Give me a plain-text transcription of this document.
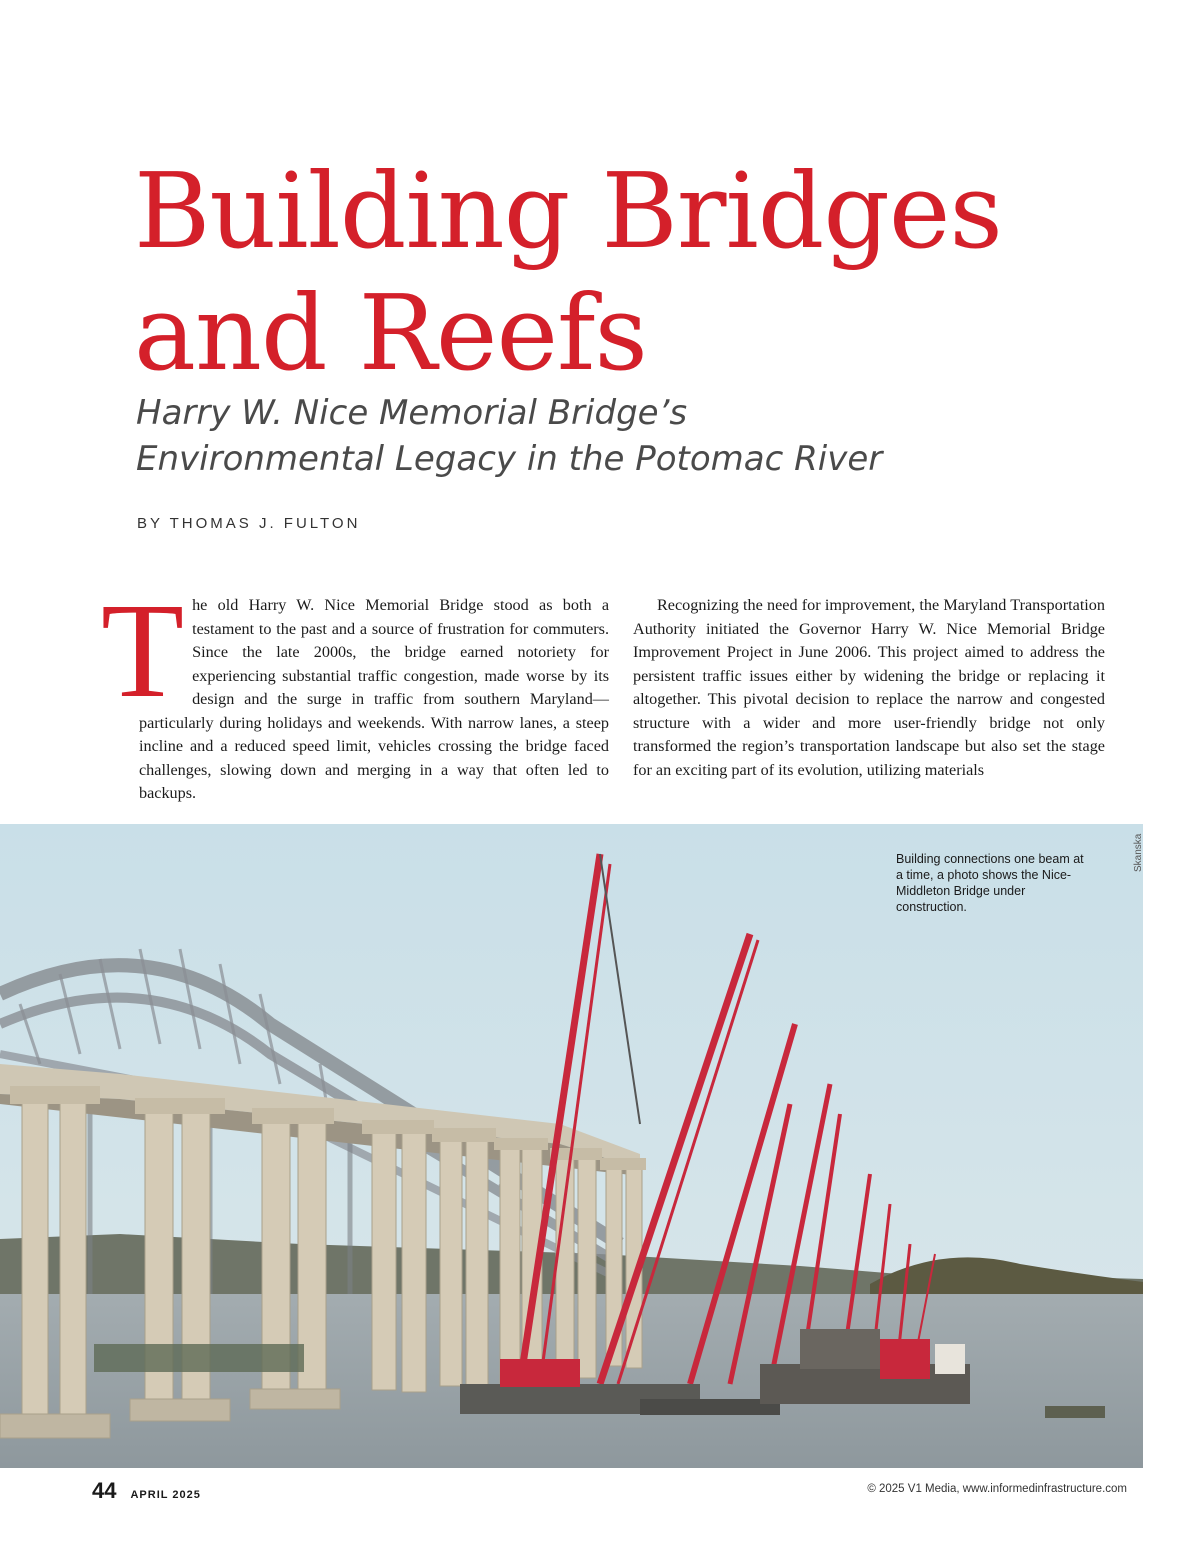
Building Bridges
and Reefs
Harry W. Nice Memorial Bridge’s
Environmental Legacy in the Potomac River

BY THOMAS J. FULTON

The old Harry W. Nice Memorial Bridge stood as both a testament to the past and a source of frustration for commuters. Since the late 2000s, the bridge earned notoriety for experiencing substantial traffic congestion, made worse by its design and the surge in traffic from southern Maryland—particularly during holidays and weekends. With narrow lanes, a steep incline and a reduced speed limit, vehicles crossing the bridge faced challenges, slowing down and merging in a way that often led to backups.

Recognizing the need for improvement, the Maryland Transportation Authority initiated the Governor Harry W. Nice Memorial Bridge Improvement Project in June 2006. This project aimed to address the persistent traffic issues either by widening the bridge or replacing it altogether. This pivotal decision to replace the narrow and congested structure with a wider and more user-friendly bridge not only transformed the region’s transportation landscape but also set the stage for an exciting part of its evolution, utilizing materials

Skanska
Building connections one beam at a time, a photo shows the Nice-Middleton Bridge under construction.
44 APRIL 2025	© 2025 V1 Media, www.informedinfrastructure.com
